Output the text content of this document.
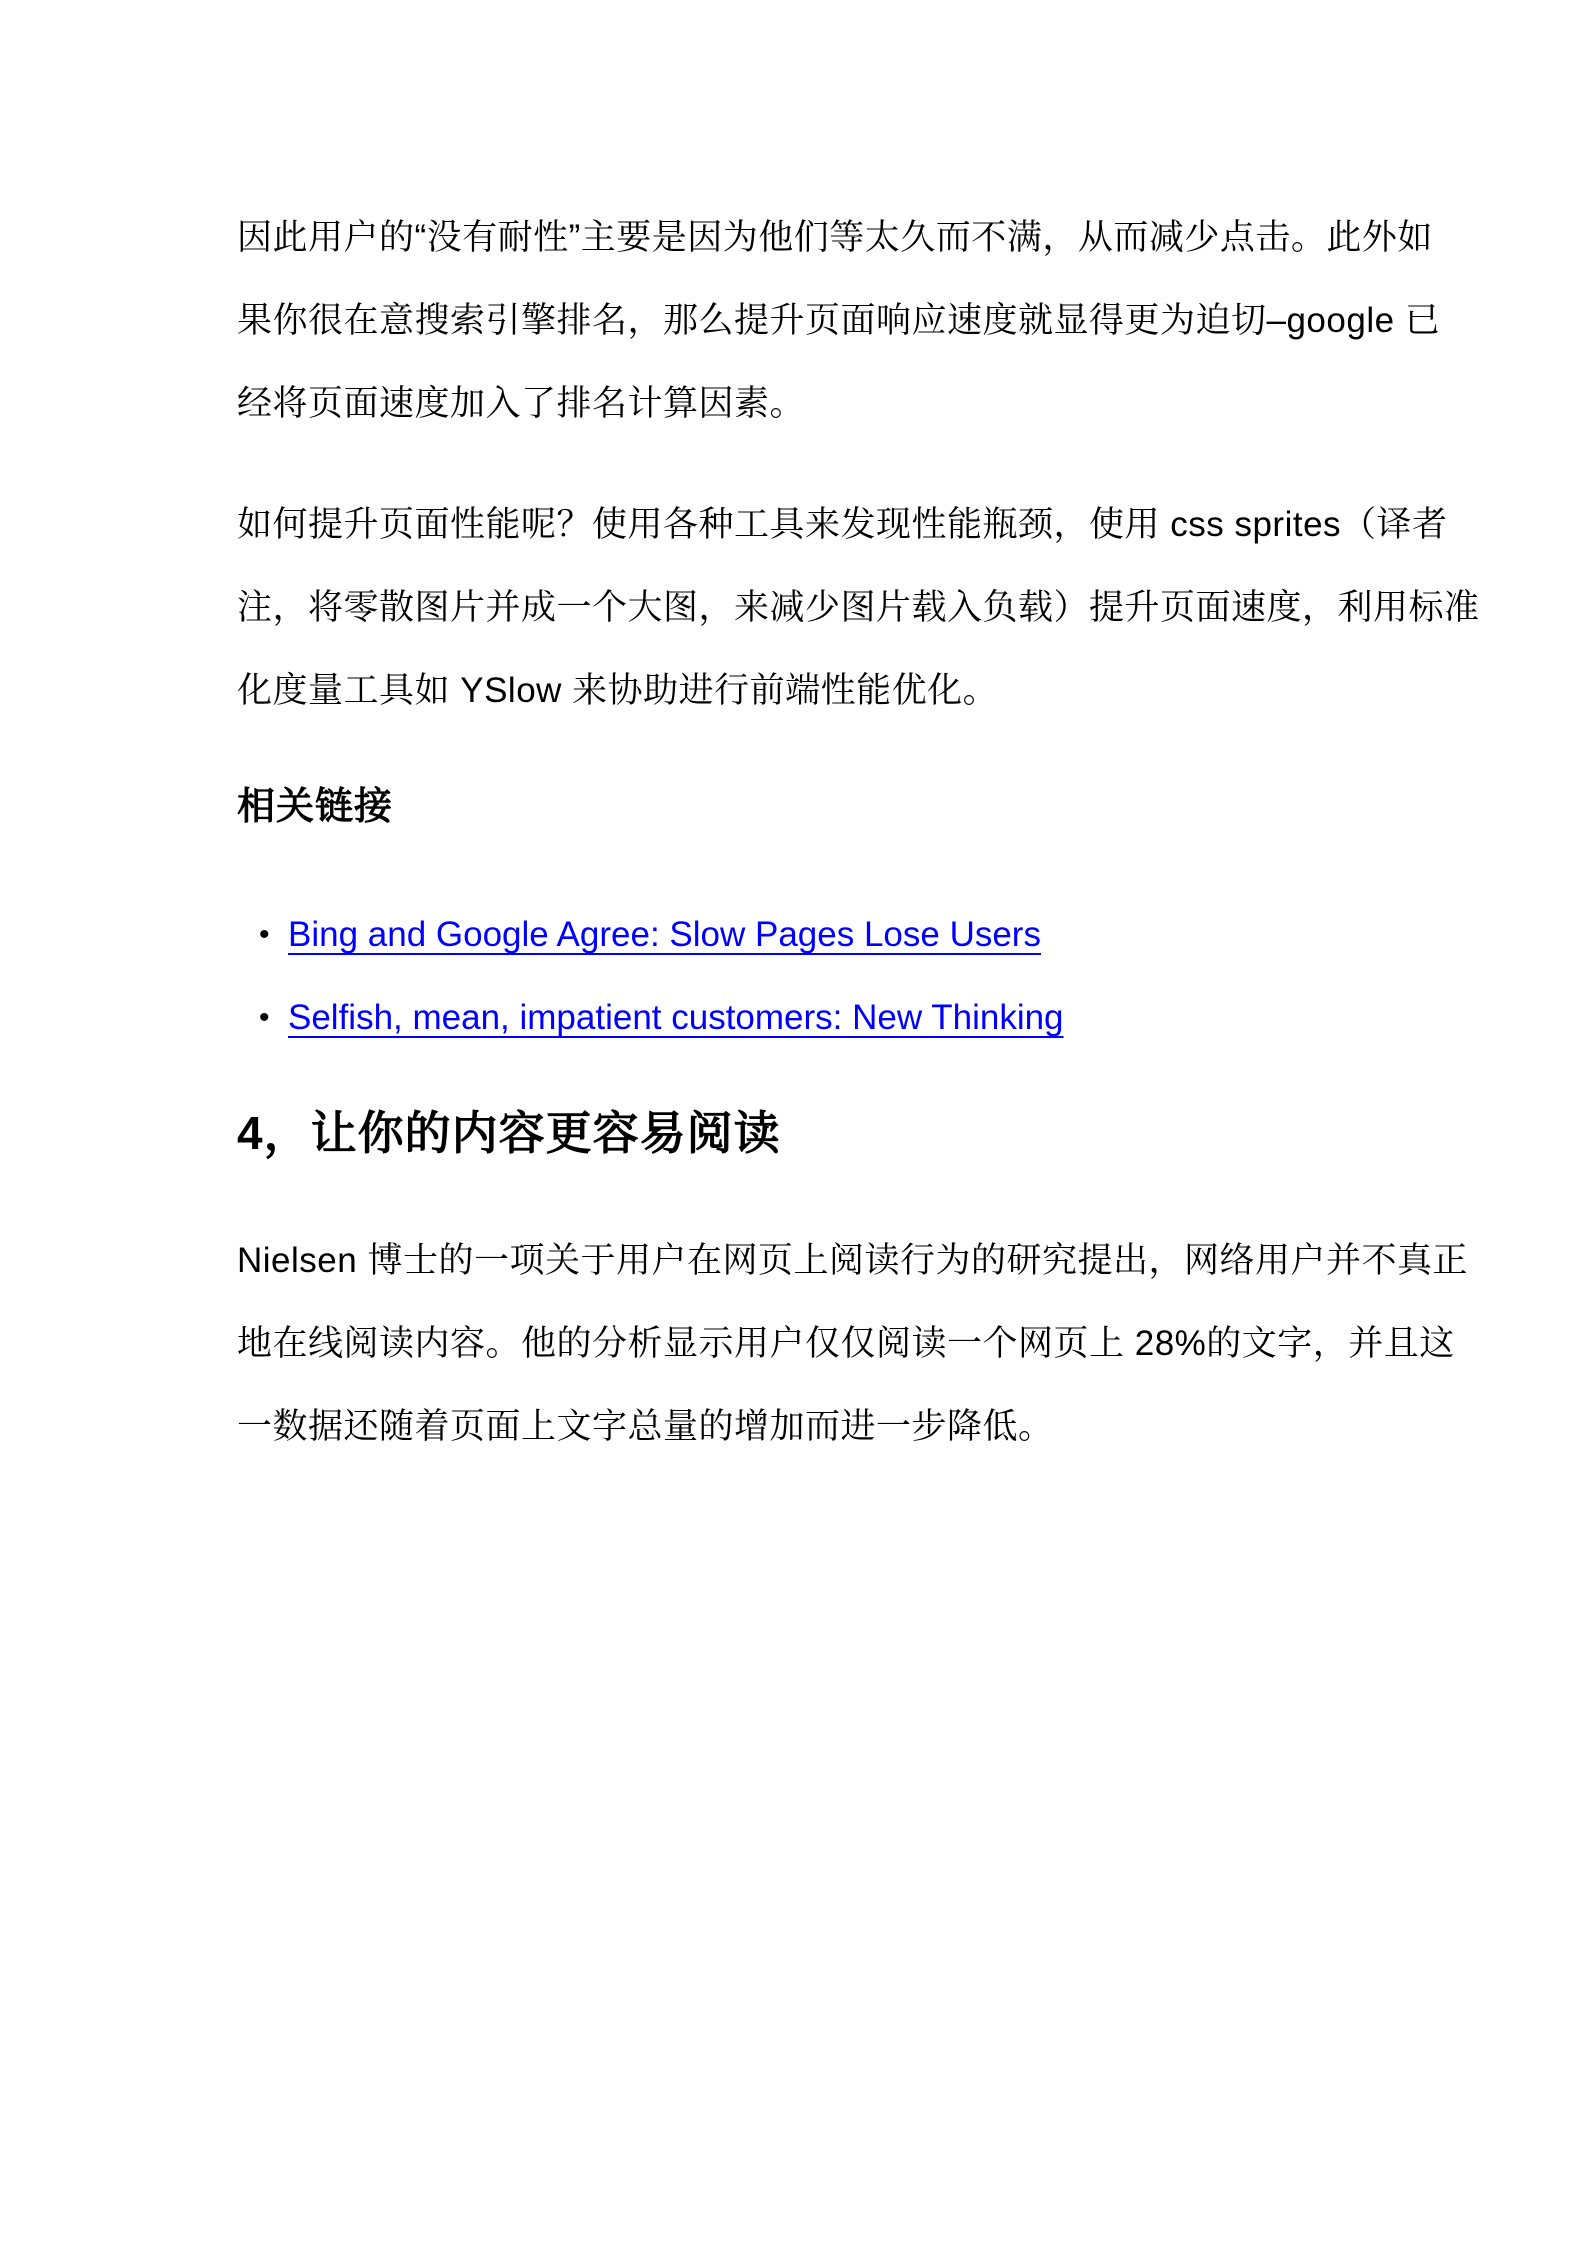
因此用户的“没有耐性”主要是因为他们等太久而不满，从而减少点击。此外如
果你很在意搜索引擎排名，那么提升页面响应速度就显得更为迫切–google 已
经将页面速度加入了排名计算因素。
如何提升页面性能呢？使用各种工具来发现性能瓶颈，使用 css sprites（译者
注，将零散图片并成一个大图，来减少图片载入负载）提升页面速度，利用标准
化度量工具如 YSlow 来协助进行前端性能优化。
相关链接
• Bing and Google Agree: Slow Pages Lose Users
• Selfish, mean, impatient customers: New Thinking
4，让你的内容更容易阅读
Nielsen 博士的一项关于用户在网页上阅读行为的研究提出，网络用户并不真正
地在线阅读内容。他的分析显示用户仅仅阅读一个网页上 28%的文字，并且这
一数据还随着页面上文字总量的增加而进一步降低。
